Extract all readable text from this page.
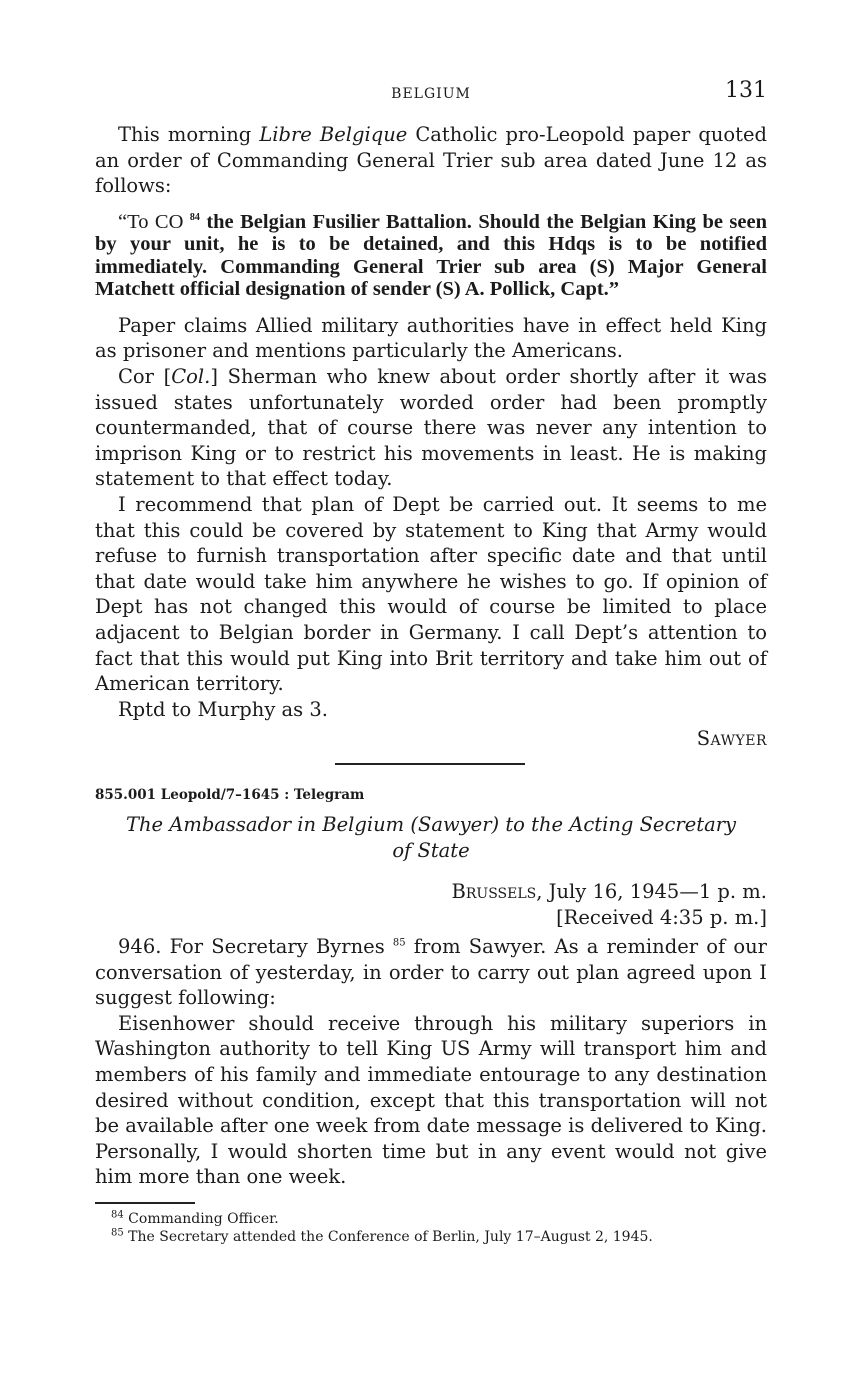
BELGIUM	131

This morning Libre Belgique Catholic pro-Leopold paper quoted an order of Commanding General Trier sub area dated June 12 as follows:

“To CO $^{84}$ the Belgian Fusilier Battalion. Should the Belgian King be seen by your unit, he is to be detained, and this Hdqs is to be notified immediately. Commanding General Trier sub area (S) Major General Matchett official designation of sender (S) A. Pollick, Capt.”

Paper claims Allied military authorities have in effect held King as prisoner and mentions particularly the Americans.

Cor [Col.] Sherman who knew about order shortly after it was issued states unfortunately worded order had been promptly countermanded, that of course there was never any intention to imprison King or to restrict his movements in least. He is making statement to that effect today.

I recommend that plan of Dept be carried out. It seems to me that this could be covered by statement to King that Army would refuse to furnish transportation after specific date and that until that date would take him anywhere he wishes to go. If opinion of Dept has not changed this would of course be limited to place adjacent to Belgian border in Germany. I call Dept’s attention to fact that this would put King into Brit territory and take him out of American territory.

Rptd to Murphy as 3.

Sawyer

855.001 Leopold/7–1645 : Telegram
The Ambassador in Belgium (Sawyer) to the Acting Secretary
of State
Brussels, July 16, 1945—1 p. m.
[Received 4:35 p. m.]

946. For Secretary Byrnes $^{85}$ from Sawyer. As a reminder of our conversation of yesterday, in order to carry out plan agreed upon I suggest following:

Eisenhower should receive through his military superiors in Washington authority to tell King US Army will transport him and members of his family and immediate entourage to any destination desired without condition, except that this transportation will not be available after one week from date message is delivered to King. Personally, I would shorten time but in any event would not give him more than one week.

$^{84}$ Commanding Officer.

$^{85}$ The Secretary attended the Conference of Berlin, July 17–August 2, 1945.
